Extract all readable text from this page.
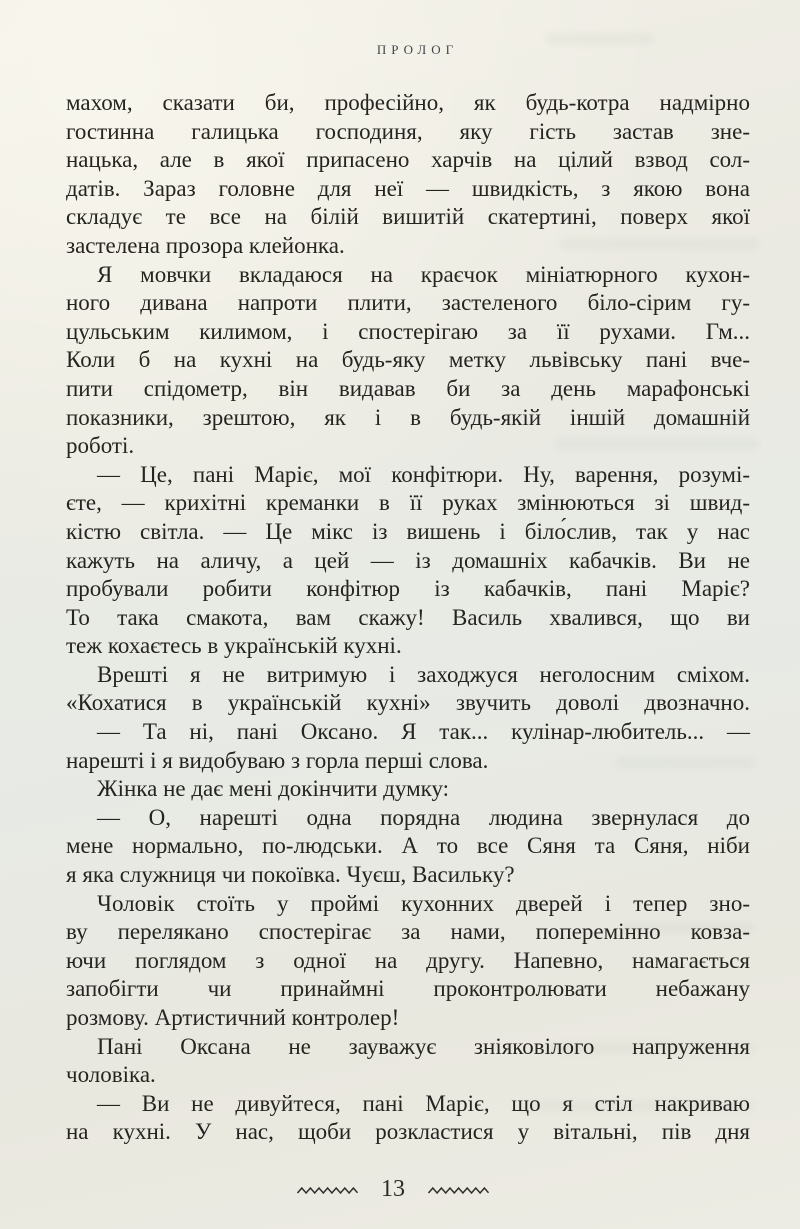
ПРОЛОГ
махом, сказати би, професійно, як будь-котра надмірно
гостинна галицька господиня, яку гість застав зне-
нацька, але в якої припасено харчів на цілий взвод сол-
датів. Зараз головне для неї — швидкість, з якою вона
складує те все на білій вишитій скатертині, поверх якої
застелена прозора клейонка.
Я мовчки вкладаюся на краєчок мініатюрного кухон-
ного дивана напроти плити, застеленого біло-сірим гу-
цульським килимом, і спостерігаю за її рухами. Гм...
Коли б на кухні на будь-яку метку львівську пані вче-
пити спідометр, він видавав би за день марафонські
показники, зрештою, як і в будь-якій іншій домашній
роботі.
— Це, пані Маріє, мої конфітюри. Ну, варення, розумі-
єте, — крихітні креманки в її руках змінюються зі швид-
кістю світла. — Це мікс із вишень і біло́слив, так у нас
кажуть на аличу, а цей — із домашніх кабачків. Ви не
пробували робити конфітюр із кабачків, пані Маріє?
То така смакота, вам скажу! Василь хвалився, що ви
теж кохаєтесь в українській кухні.
Врешті я не витримую і заходжуся неголосним сміхом.
«Кохатися в українській кухні» звучить доволі двозначно.
— Та ні, пані Оксано. Я так... кулінар-любитель... —
нарешті і я видобуваю з горла перші слова.
Жінка не дає мені докінчити думку:
— О, нарешті одна порядна людина звернулася до
мене нормально, по-людськи. А то все Сяня та Сяня, ніби
я яка служниця чи покоївка. Чуєш, Васильку?
Чоловік стоїть у проймі кухонних дверей і тепер зно-
ву перелякано спостерігає за нами, поперемінно ковза-
ючи поглядом з одної на другу. Напевно, намагається
запобігти чи принаймні проконтролювати небажану
розмову. Артистичний контролер!
Пані Оксана не зауважує зніяковілого напруження
чоловіка.
— Ви не дивуйтеся, пані Маріє, що я стіл накриваю
на кухні. У нас, щоби розкластися у вітальні, пів дня
13
